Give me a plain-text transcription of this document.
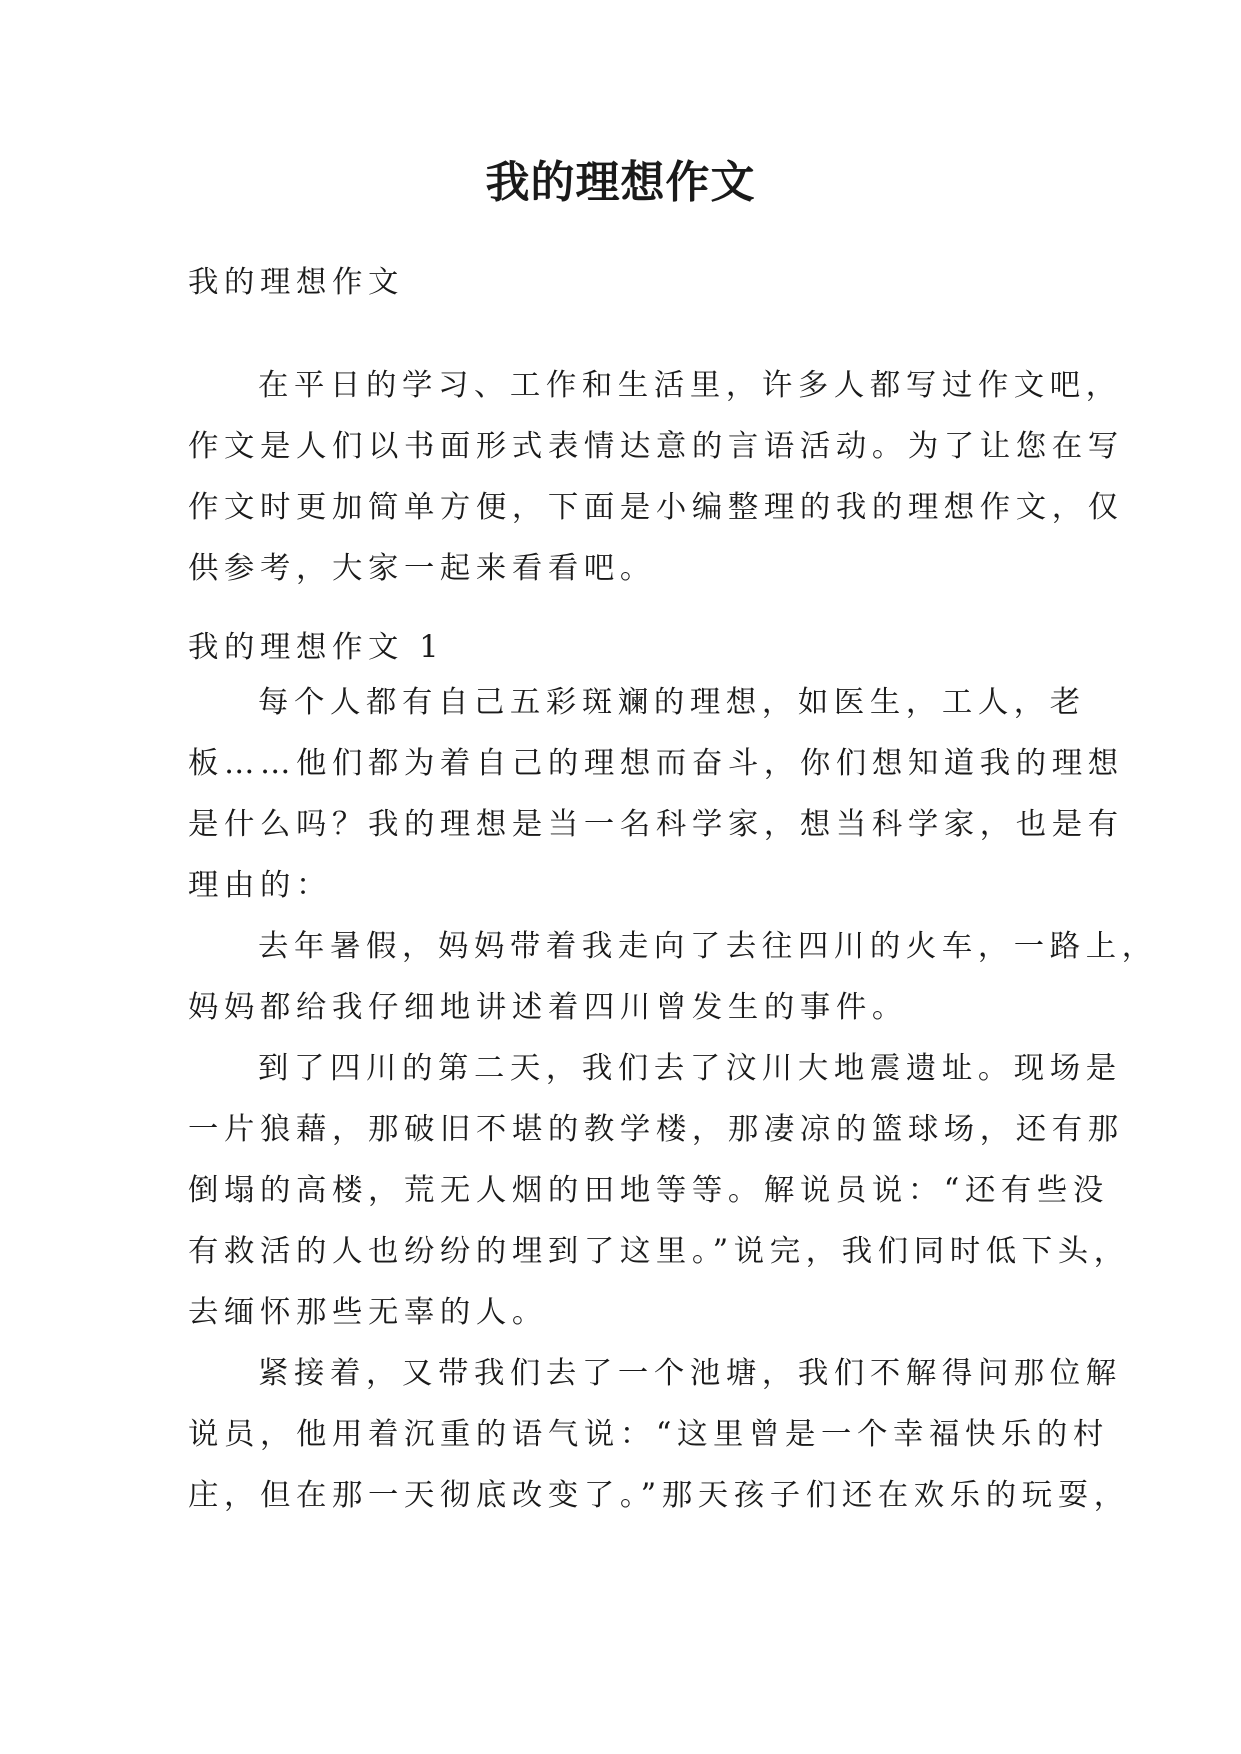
我的理想作文

我的理想作文

在平日的学习、工作和生活里，许多人都写过作文吧，
作文是人们以书面形式表情达意的言语活动。为了让您在写
作文时更加简单方便，下面是小编整理的我的理想作文，仅
供参考，大家一起来看看吧。

我的理想作文 1

每个人都有自己五彩斑斓的理想，如医生，工人，老
板……他们都为着自己的理想而奋斗，你们想知道我的理想
是什么吗？我的理想是当一名科学家，想当科学家，也是有
理由的：
去年暑假，妈妈带着我走向了去往四川的火车，一路上，
妈妈都给我仔细地讲述着四川曾发生的事件。
到了四川的第二天，我们去了汶川大地震遗址。现场是
一片狼藉，那破旧不堪的教学楼，那凄凉的篮球场，还有那
倒塌的高楼，荒无人烟的田地等等。解说员说：“还有些没
有救活的人也纷纷的埋到了这里。”说完，我们同时低下头，
去缅怀那些无辜的人。
紧接着，又带我们去了一个池塘，我们不解得问那位解
说员，他用着沉重的语气说：“这里曾是一个幸福快乐的村
庄，但在那一天彻底改变了。”那天孩子们还在欢乐的玩耍，
